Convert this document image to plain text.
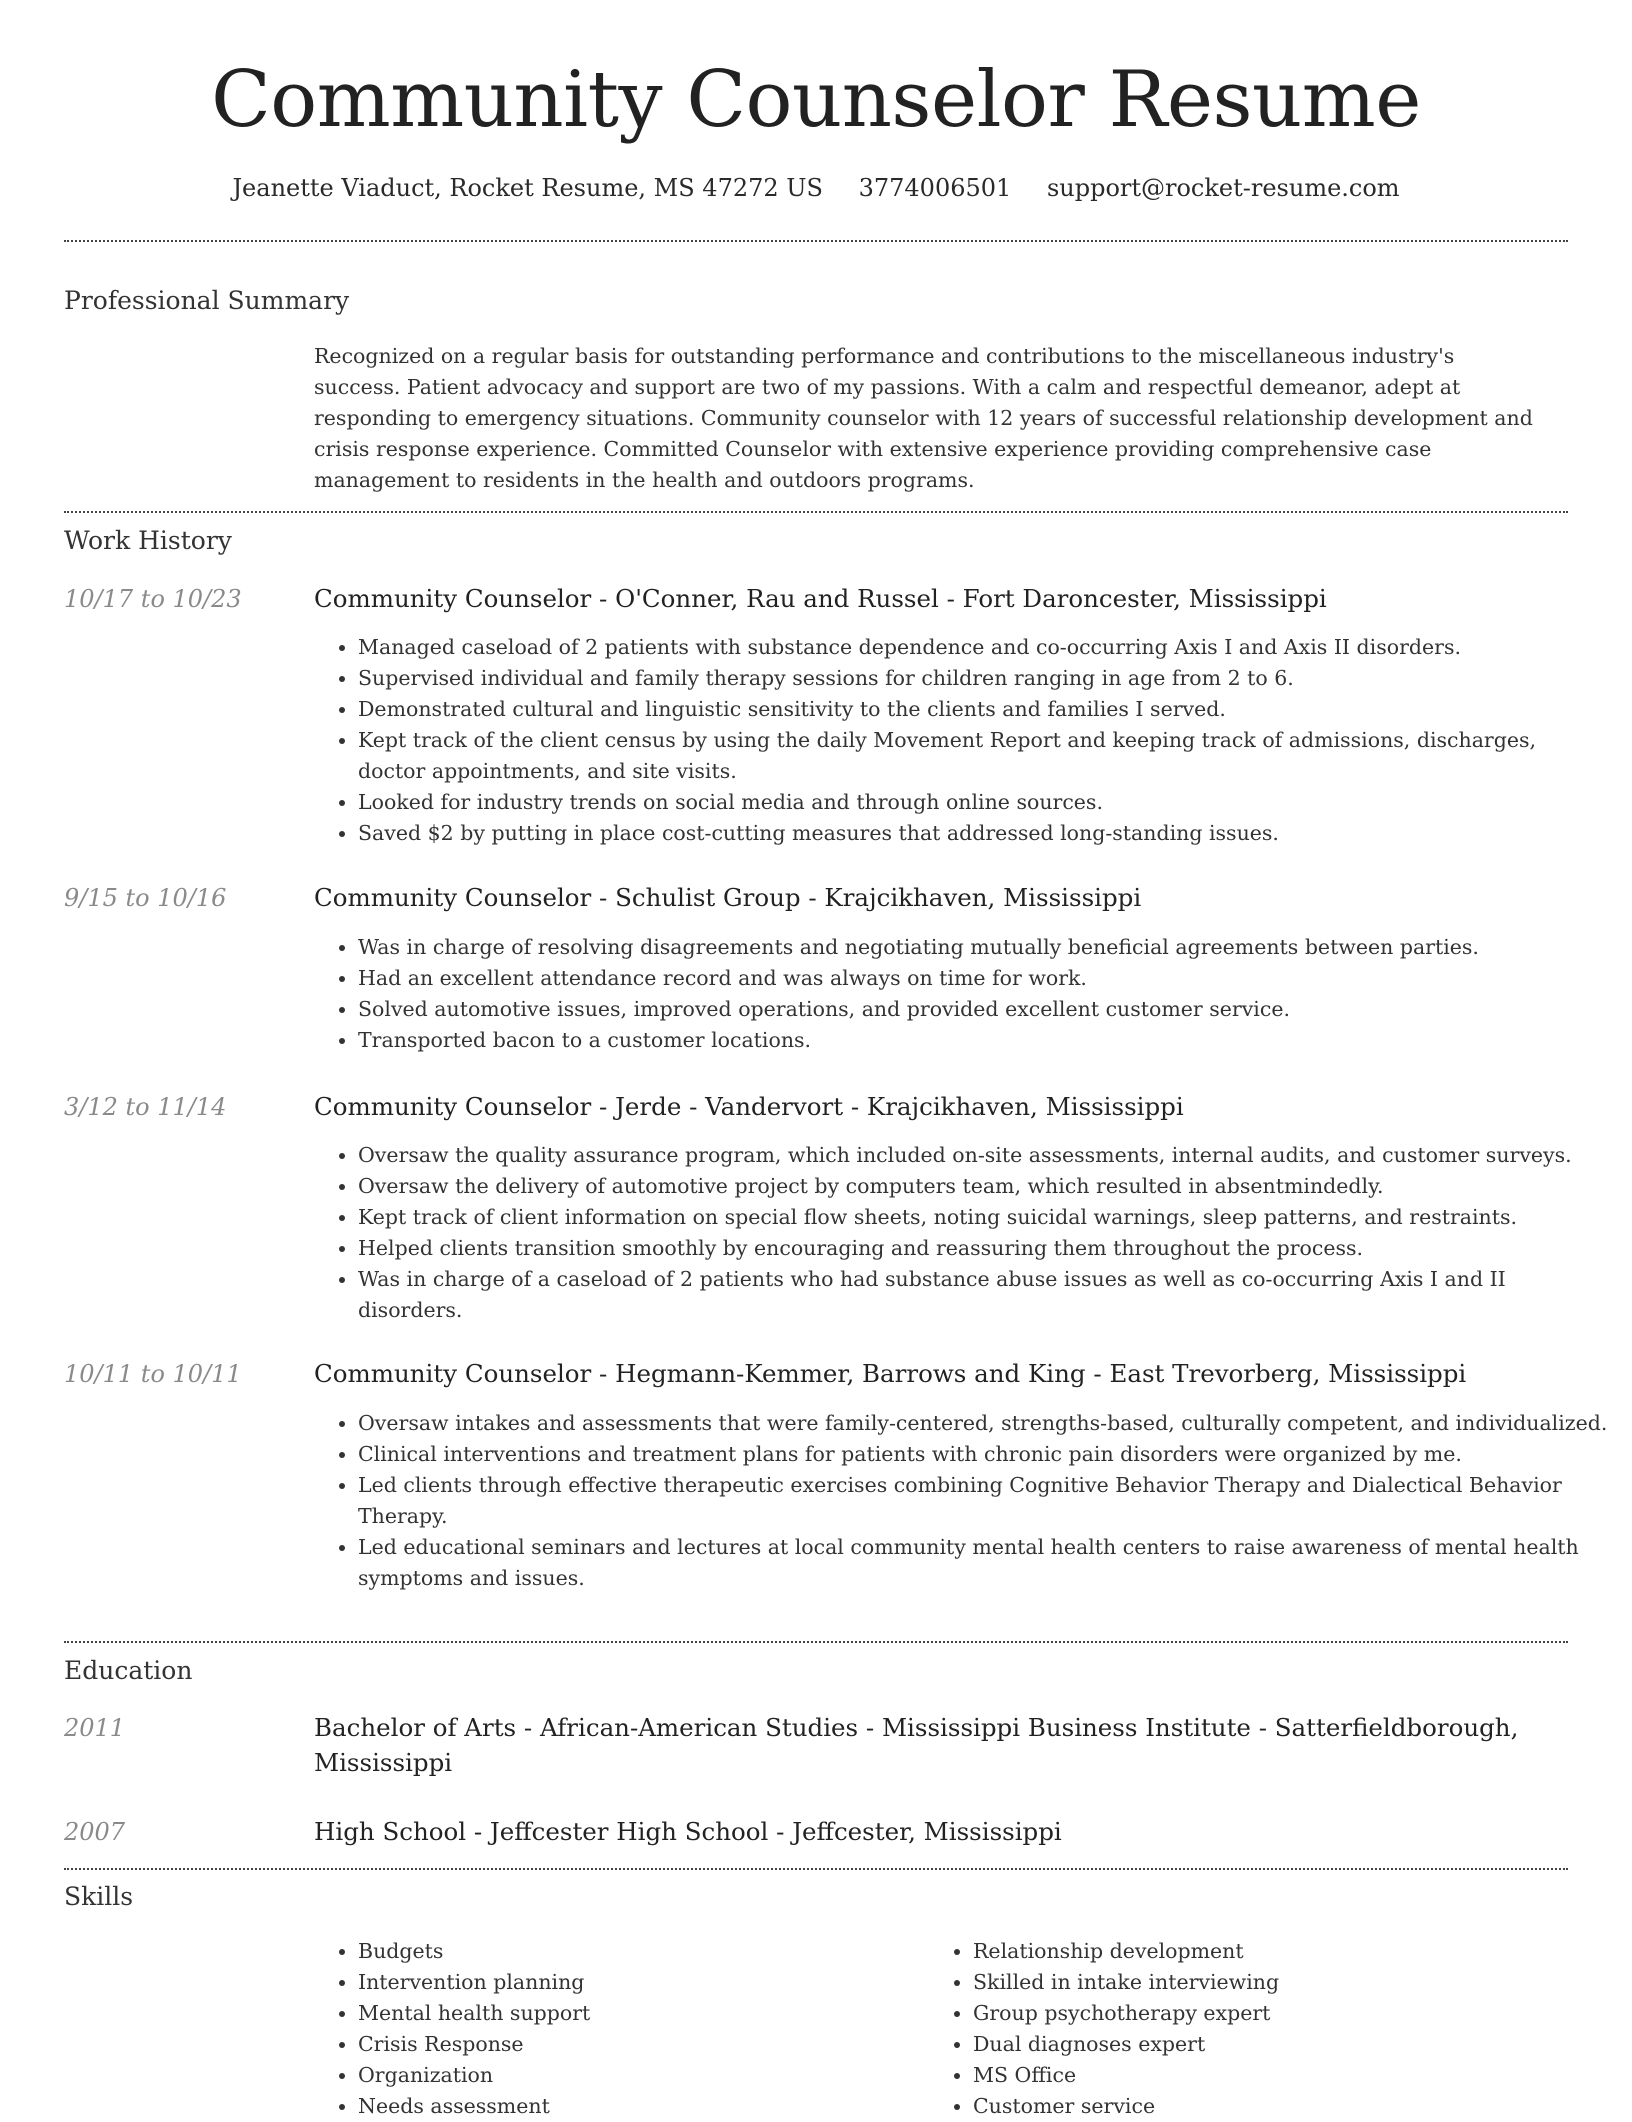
Community Counselor Resume
Jeanette Viaduct, Rocket Resume, MS 47272 US 3774006501 support@rocket-resume.com
Professional Summary
Recognized on a regular basis for outstanding performance and contributions to the miscellaneous industry's success. Patient advocacy and support are two of my passions. With a calm and respectful demeanor, adept at responding to emergency situations. Community counselor with 12 years of successful relationship development and crisis response experience. Committed Counselor with extensive experience providing comprehensive case management to residents in the health and outdoors programs.
Work History
10/17 to 10/23	Community Counselor - O'Conner, Rau and Russel - Fort Daroncester, Mississippi
• Managed caseload of 2 patients with substance dependence and co-occurring Axis I and Axis II disorders.
• Supervised individual and family therapy sessions for children ranging in age from 2 to 6.
• Demonstrated cultural and linguistic sensitivity to the clients and families I served.
• Kept track of the client census by using the daily Movement Report and keeping track of admissions, discharges, doctor appointments, and site visits.
• Looked for industry trends on social media and through online sources.
• Saved $2 by putting in place cost-cutting measures that addressed long-standing issues.
9/15 to 10/16	Community Counselor - Schulist Group - Krajcikhaven, Mississippi
• Was in charge of resolving disagreements and negotiating mutually beneficial agreements between parties.
• Had an excellent attendance record and was always on time for work.
• Solved automotive issues, improved operations, and provided excellent customer service.
• Transported bacon to a customer locations.
3/12 to 11/14	Community Counselor - Jerde - Vandervort - Krajcikhaven, Mississippi
• Oversaw the quality assurance program, which included on-site assessments, internal audits, and customer surveys.
• Oversaw the delivery of automotive project by computers team, which resulted in absentmindedly.
• Kept track of client information on special flow sheets, noting suicidal warnings, sleep patterns, and restraints.
• Helped clients transition smoothly by encouraging and reassuring them throughout the process.
• Was in charge of a caseload of 2 patients who had substance abuse issues as well as co-occurring Axis I and II disorders.
10/11 to 10/11	Community Counselor - Hegmann-Kemmer, Barrows and King - East Trevorberg, Mississippi
• Oversaw intakes and assessments that were family-centered, strengths-based, culturally competent, and individualized.
• Clinical interventions and treatment plans for patients with chronic pain disorders were organized by me.
• Led clients through effective therapeutic exercises combining Cognitive Behavior Therapy and Dialectical Behavior Therapy.
• Led educational seminars and lectures at local community mental health centers to raise awareness of mental health symptoms and issues.
Education
2011	Bachelor of Arts - African-American Studies - Mississippi Business Institute - Satterfieldborough, Mississippi
2007	High School - Jeffcester High School - Jeffcester, Mississippi
Skills
• Budgets
• Intervention planning
• Mental health support
• Crisis Response
• Organization
• Needs assessment
• Relationship development
• Skilled in intake interviewing
• Group psychotherapy expert
• Dual diagnoses expert
• MS Office
• Customer service
